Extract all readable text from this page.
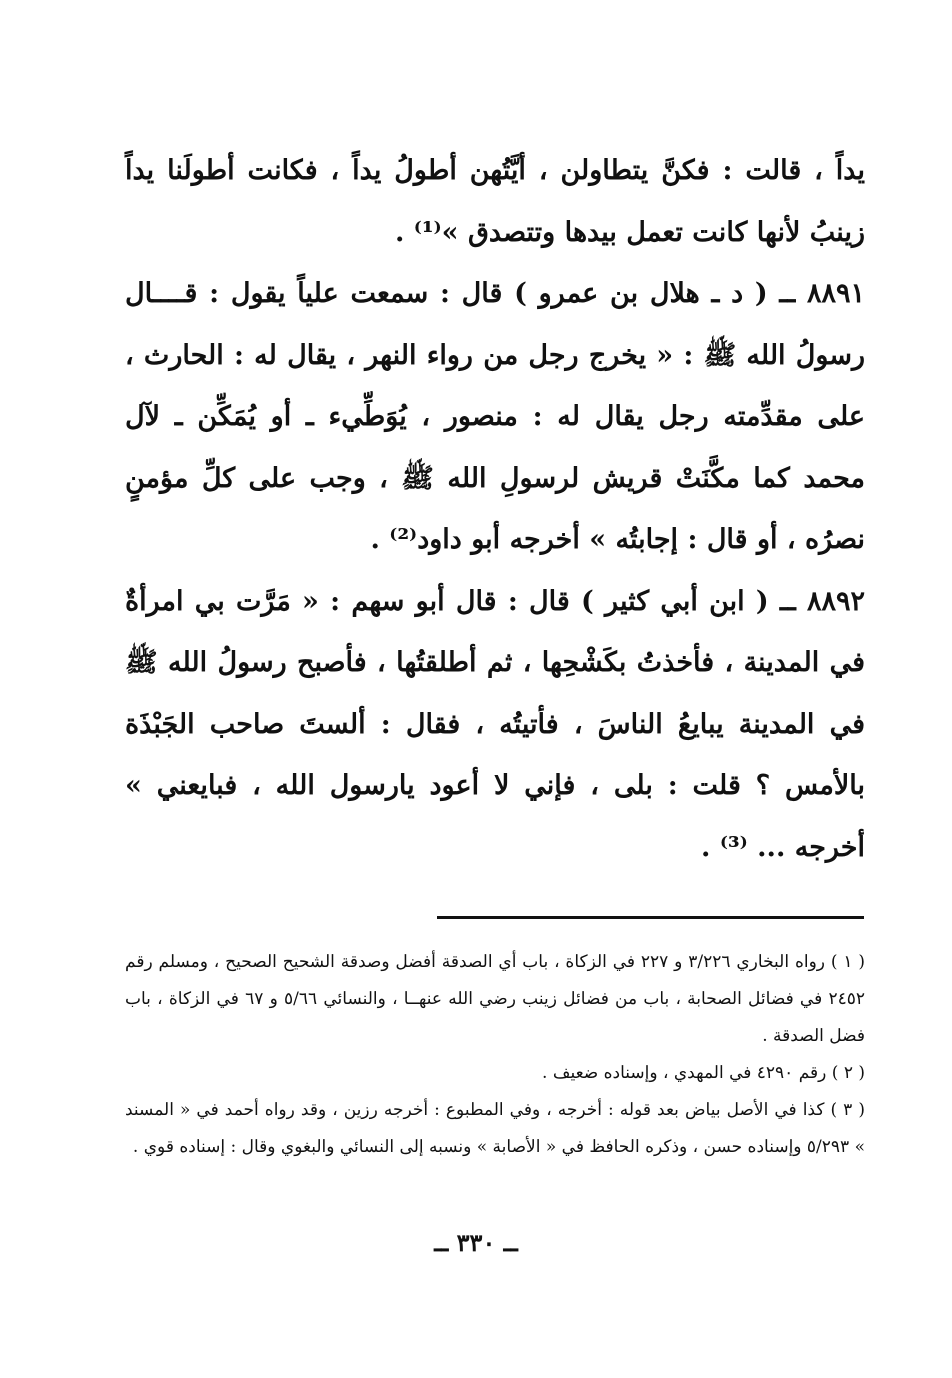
يداً ، قالت : فكنَّ يتطاولن ، أيَّتُهن أطولُ يداً ، فكانت أطولَنا يداً زينبُ لأنها كانت تعمل بيدها وتتصدق »⁽¹⁾ .

٨٨٩١ ــ ( د ـ هلال بن عمرو ) قال : سمعت علياً يقول : قــــال رسولُ الله ﷺ : « يخرج رجل من رواء النهر ، يقال له : الحارث ، على مقدِّمته رجل يقال له : منصور ، يُوَطِّيء ـ أو يُمَكِّن ـ لآل محمد كما مكَّنَتْ قريش لرسولِ الله ﷺ ، وجب على كلِّ مؤمنٍ نصرُه ، أو قال : إجابتُه » أخرجه أبو داود⁽²⁾ .

٨٨٩٢ ــ ( ابن أبي كثير ) قال : قال أبو سهم : « مَرَّت بي امرأةٌ في المدينة ، فأخذتُ بكَشْحِها ، ثم أطلقتُها ، فأصبح رسولُ الله ﷺ في المدينة يبايعُ الناسَ ، فأتيتُه ، فقال : ألستَ صاحب الجَبْذَة بالأمس ؟ قلت : بلى ، فإني لا أعود يارسول الله ، فبايعني » أخرجه ... ⁽³⁾ .

( ١ ) رواه البخاري ٣/٢٢٦ و ٢٢٧ في الزكاة ، باب أي الصدقة أفضل وصدقة الشحيح الصحيح ، ومسلم رقم ٢٤٥٢ في فضائل الصحابة ، باب من فضائل زينب رضي الله عنهــا ، والنسائي ٥/٦٦ و ٦٧ في الزكاة ، باب فضل الصدقة .

( ٢ ) رقم ٤٢٩٠ في المهدي ، وإسناده ضعيف .

( ٣ ) كذا في الأصل بياض بعد قوله : أخرجه ، وفي المطبوع : أخرجه رزين ، وقد رواه أحمد في « المسند » ٥/٢٩٣ وإسناده حسن ، وذكره الحافظ في « الأصابة » ونسبه إلى النسائي والبغوي وقال : إسناده قوي .

ــ ٣٣٠ ــ
